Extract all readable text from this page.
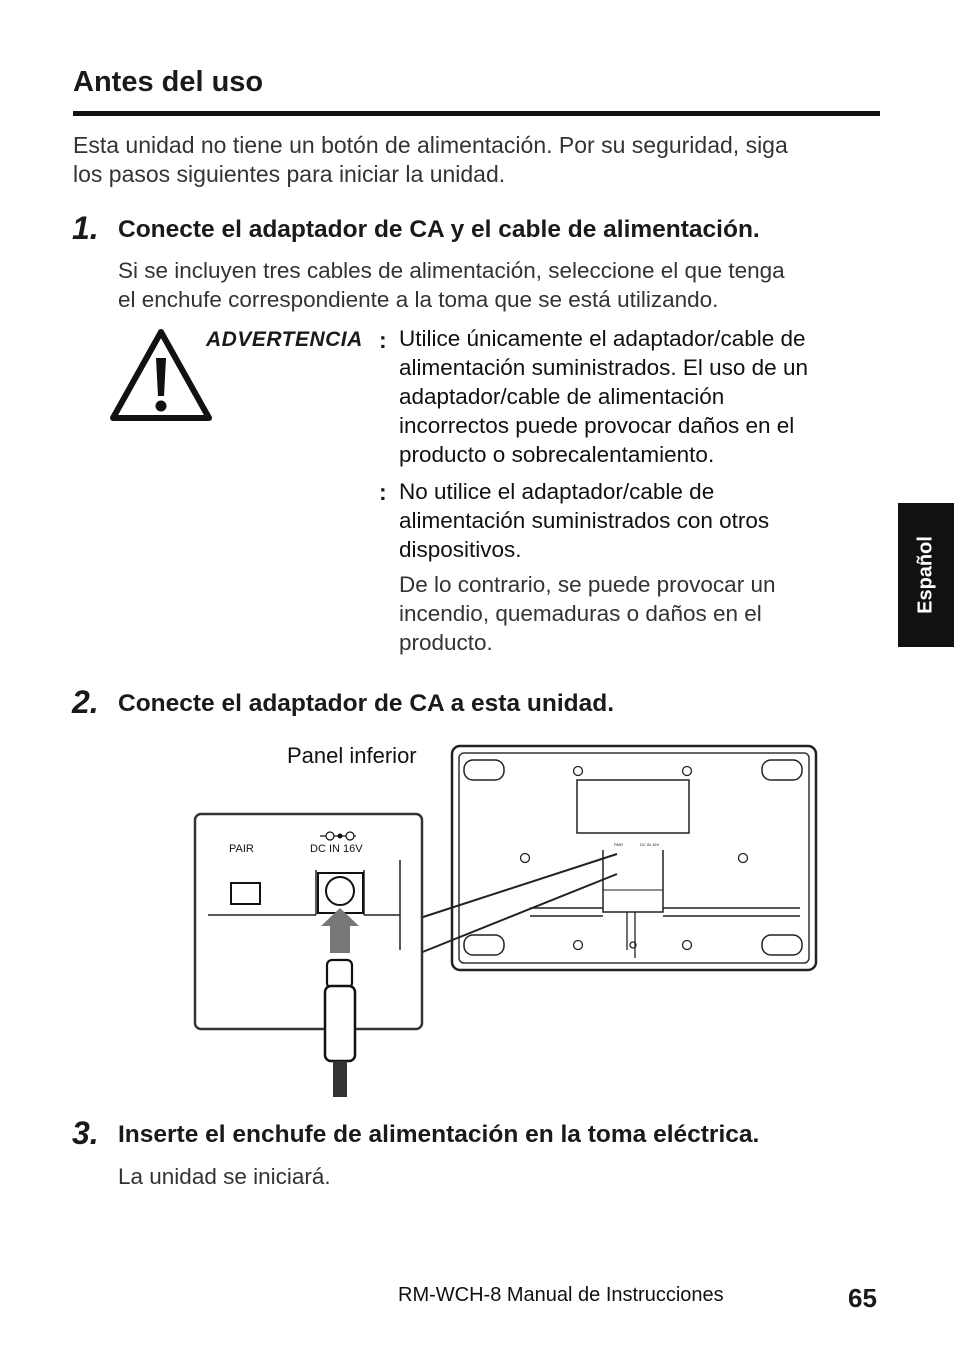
Antes del uso
Esta unidad no tiene un botón de alimentación. Por su seguridad, siga
los pasos siguientes para iniciar la unidad.
1. Conecte el adaptador de CA y el cable de alimentación.
Si se incluyen tres cables de alimentación, seleccione el que tenga
el enchufe correspondiente a la toma que se está utilizando.
ADVERTENCIA : Utilice únicamente el adaptador/cable de
alimentación suministrados. El uso de un
adaptador/cable de alimentación
incorrectos puede provocar daños en el
producto o sobrecalentamiento.
: No utilice el adaptador/cable de
alimentación suministrados con otros
dispositivos.
De lo contrario, se puede provocar un
incendio, quemaduras o daños en el
producto.
2. Conecte el adaptador de CA a esta unidad.
Panel inferior
PAIR	DC IN 16V
PAIR	DC IN 16V
3. Inserte el enchufe de alimentación en la toma eléctrica.
La unidad se iniciará.
Español
RM-WCH-8 Manual de Instrucciones	65
